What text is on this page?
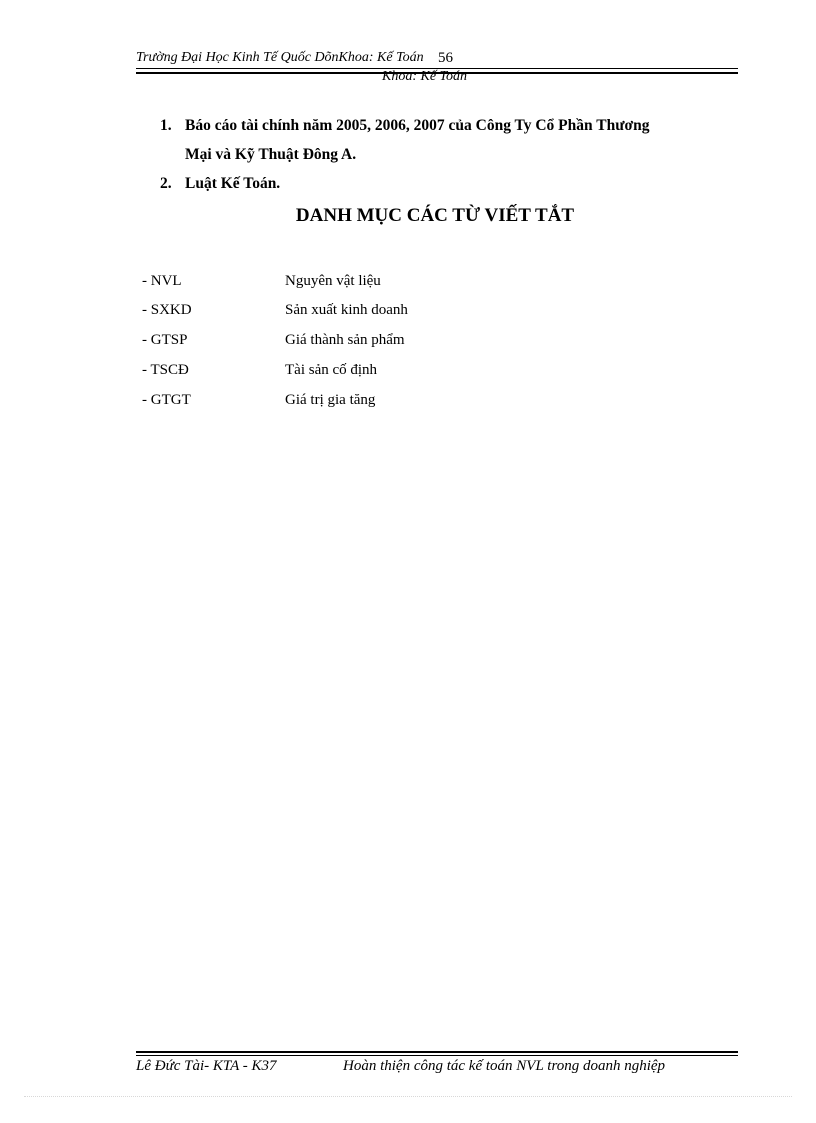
Trường Đại Học Kinh Tế Quốc DõnKhoa: Kế Toán 56
Khoa: Kế Toán
1. Báo cáo tài chính năm 2005, 2006, 2007 của Công Ty Cổ Phần Thương
Mại và Kỹ Thuật Đông A.
2. Luật Kế Toán.
DANH MỤC CÁC TỪ VIẾT TẮT
- NVL	Nguyên vật liệu
- SXKD	Sản xuất kinh doanh
- GTSP	Giá thành sản phẩm
- TSCĐ	Tài sản cố định
- GTGT	Giá trị gia tăng
Lê Đức Tài- KTA - K37	Hoàn thiện công tác kế toán NVL trong doanh nghiệp
